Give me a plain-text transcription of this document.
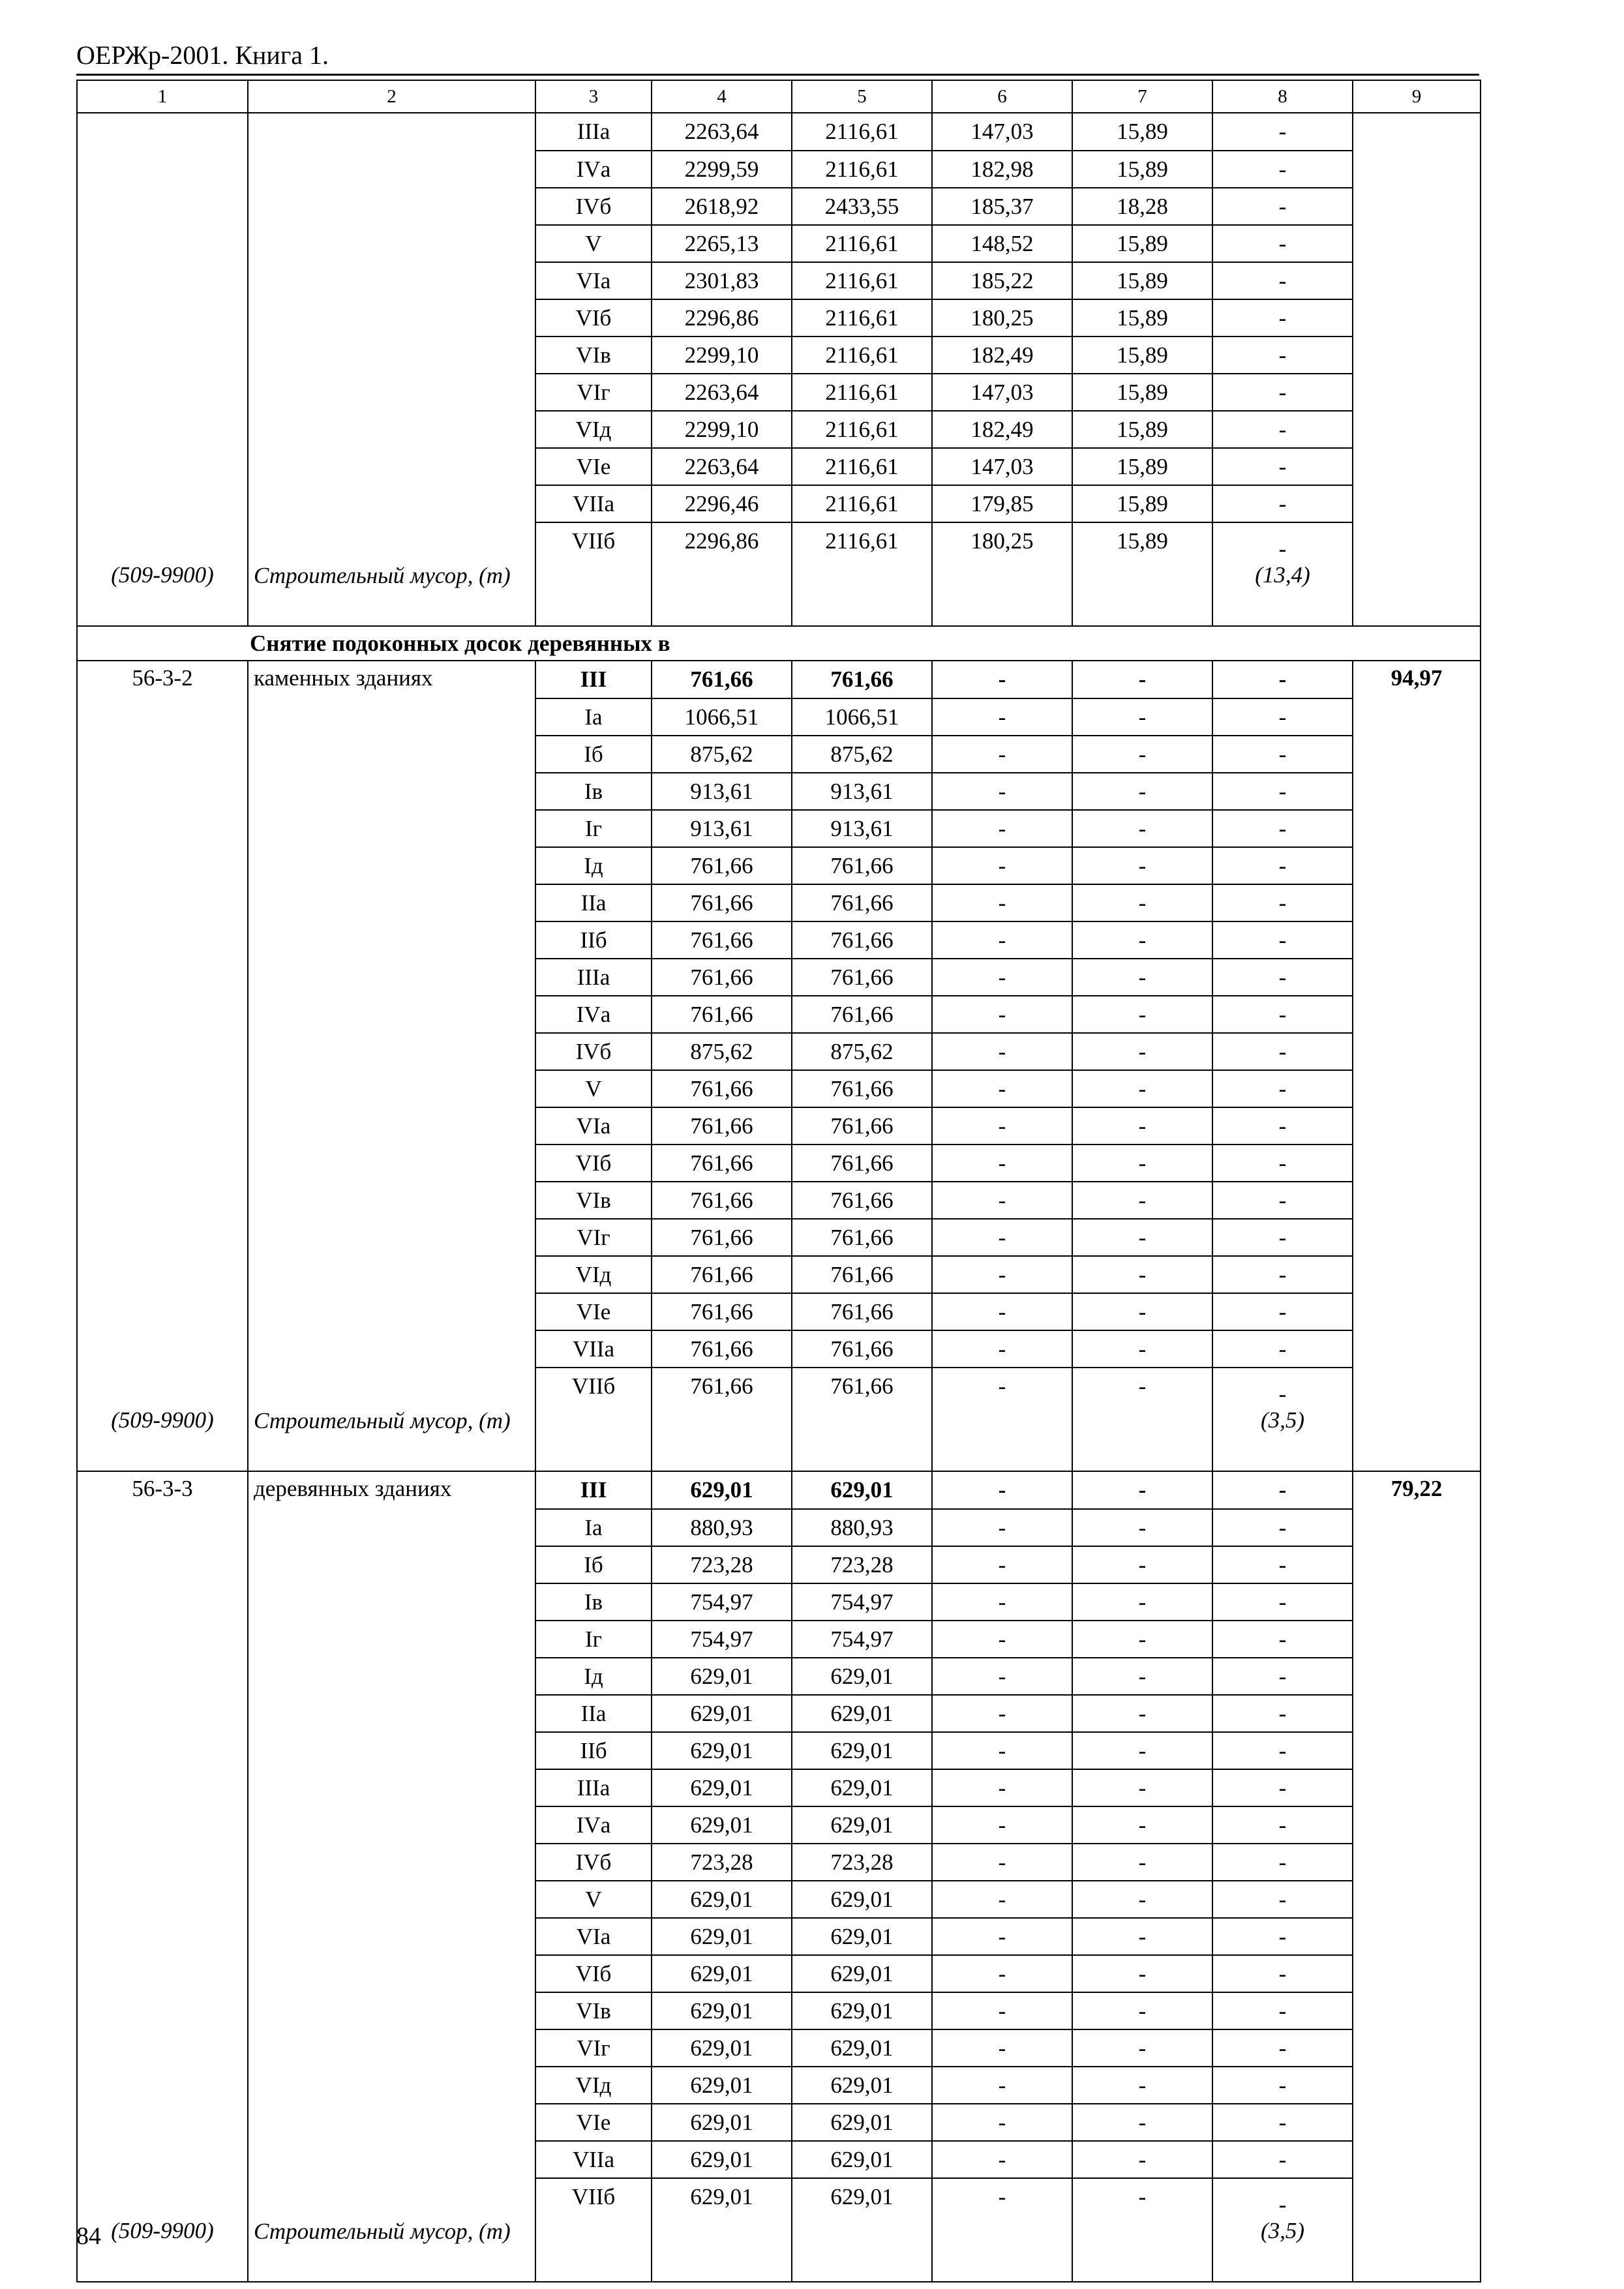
ОЕРЖр-2001. Книга 1.
1	2	3	4	5	6	7	8	9
		IIIа	2263,64	2116,61	147,03	15,89	-	
		IVа	2299,59	2116,61	182,98	15,89	-	
		IVб	2618,92	2433,55	185,37	18,28	-	
		V	2265,13	2116,61	148,52	15,89	-	
		VIа	2301,83	2116,61	185,22	15,89	-	
		VIб	2296,86	2116,61	180,25	15,89	-	
		VIв	2299,10	2116,61	182,49	15,89	-	
		VIг	2263,64	2116,61	147,03	15,89	-	
		VIд	2299,10	2116,61	182,49	15,89	-	
		VIе	2263,64	2116,61	147,03	15,89	-	
		VIIа	2296,46	2116,61	179,85	15,89	-	
		VIIб	2296,86	2116,61	180,25	15,89	-	
(509-9900)	Строительный мусор, (т)						(13,4)	
Снятие подоконных досок деревянных в								
56-3-2	каменных зданиях	III	761,66	761,66	-	-	-	94,97
		Iа	1066,51	1066,51	-	-	-	
		Iб	875,62	875,62	-	-	-	
		Iв	913,61	913,61	-	-	-	
		Iг	913,61	913,61	-	-	-	
		Iд	761,66	761,66	-	-	-	
		IIа	761,66	761,66	-	-	-	
		IIб	761,66	761,66	-	-	-	
		IIIа	761,66	761,66	-	-	-	
		IVа	761,66	761,66	-	-	-	
		IVб	875,62	875,62	-	-	-	
		V	761,66	761,66	-	-	-	
		VIа	761,66	761,66	-	-	-	
		VIб	761,66	761,66	-	-	-	
		VIв	761,66	761,66	-	-	-	
		VIг	761,66	761,66	-	-	-	
		VIд	761,66	761,66	-	-	-	
		VIе	761,66	761,66	-	-	-	
		VIIа	761,66	761,66	-	-	-	
		VIIб	761,66	761,66	-	-	-	
(509-9900)	Строительный мусор, (т)						(3,5)	
56-3-3	деревянных зданиях	III	629,01	629,01	-	-	-	79,22
		Iа	880,93	880,93	-	-	-	
		Iб	723,28	723,28	-	-	-	
		Iв	754,97	754,97	-	-	-	
		Iг	754,97	754,97	-	-	-	
		Iд	629,01	629,01	-	-	-	
		IIа	629,01	629,01	-	-	-	
		IIб	629,01	629,01	-	-	-	
		IIIа	629,01	629,01	-	-	-	
		IVа	629,01	629,01	-	-	-	
		IVб	723,28	723,28	-	-	-	
		V	629,01	629,01	-	-	-	
		VIа	629,01	629,01	-	-	-	
		VIб	629,01	629,01	-	-	-	
		VIв	629,01	629,01	-	-	-	
		VIг	629,01	629,01	-	-	-	
		VIд	629,01	629,01	-	-	-	
		VIе	629,01	629,01	-	-	-	
		VIIа	629,01	629,01	-	-	-	
		VIIб	629,01	629,01	-	-	-	
(509-9900)	Строительный мусор, (т)						(3,5)	
84
